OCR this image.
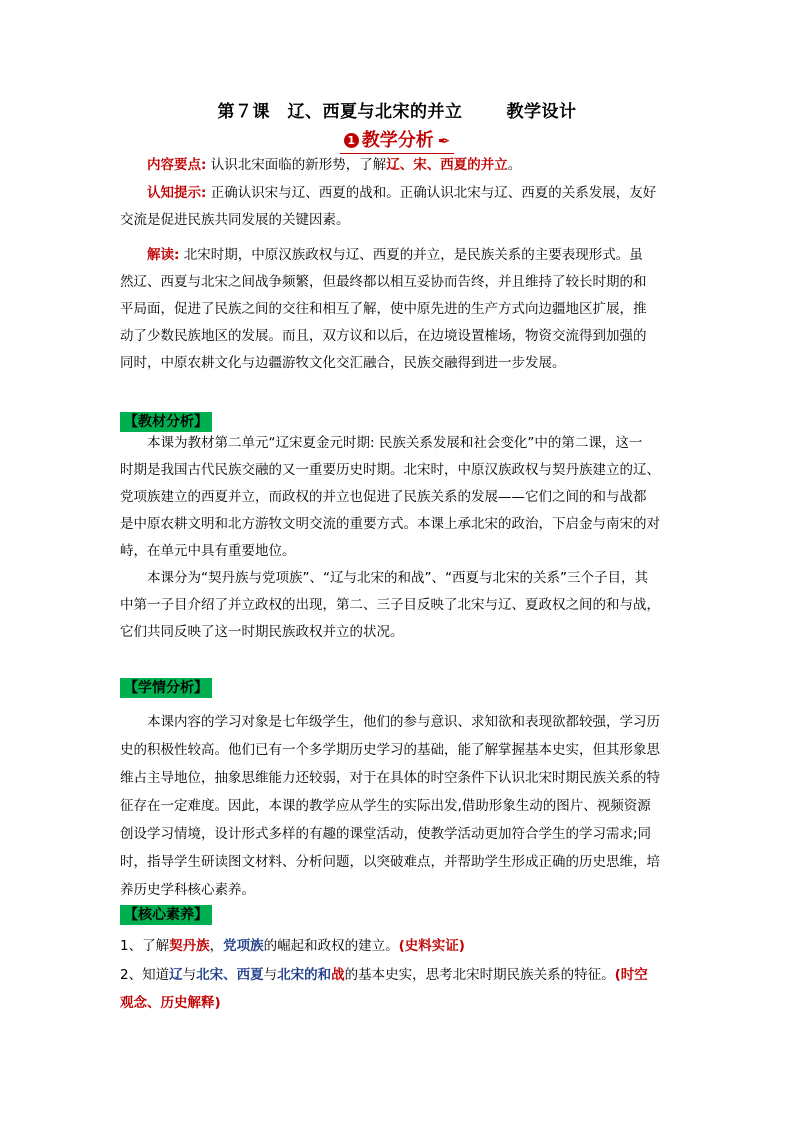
第７课　辽、西夏与北宋的并立	教学设计
1 教学分析 ✒
内容要点: 认识北宋面临的新形势，了解辽、宋、西夏的并立。
认知提示: 正确认识宋与辽、西夏的战和。正确认识北宋与辽、西夏的关系发展，友好
交流是促进民族共同发展的关键因素。
解读: 北宋时期，中原汉族政权与辽、西夏的并立，是民族关系的主要表现形式。虽
然辽、西夏与北宋之间战争频繁，但最终都以相互妥协而告终，并且维持了较长时期的和
平局面，促进了民族之间的交往和相互了解，使中原先进的生产方式向边疆地区扩展，推
动了少数民族地区的发展。而且，双方议和以后，在边境设置榷场，物资交流得到加强的
同时，中原农耕文化与边疆游牧文化交汇融合，民族交融得到进一步发展。
【教材分析】
本课为教材第二单元“辽宋夏金元时期: 民族关系发展和社会变化”中的第二课，这一
时期是我国古代民族交融的又一重要历史时期。北宋时，中原汉族政权与契丹族建立的辽、
党项族建立的西夏并立，而政权的并立也促进了民族关系的发展——它们之间的和与战都
是中原农耕文明和北方游牧文明交流的重要方式。本课上承北宋的政治，下启金与南宋的对
峙，在单元中具有重要地位。
本课分为“契丹族与党项族”、“辽与北宋的和战”、“西夏与北宋的关系”三个子目，其
中第一子目介绍了并立政权的出现，第二、三子目反映了北宋与辽、夏政权之间的和与战，
它们共同反映了这一时期民族政权并立的状况。
【学情分析】
本课内容的学习对象是七年级学生，他们的参与意识、求知欲和表现欲都较强，学习历
史的积极性较高。他们已有一个多学期历史学习的基础，能了解掌握基本史实，但其形象思
维占主导地位，抽象思维能力还较弱，对于在具体的时空条件下认识北宋时期民族关系的特
征存在一定难度。因此，本课的教学应从学生的实际出发,借助形象生动的图片、视频资源
创设学习情境，设计形式多样的有趣的课堂活动，使教学活动更加符合学生的学习需求;同
时，指导学生研读图文材料、分析问题，以突破难点，并帮助学生形成正确的历史思维，培
养历史学科核心素养。
【核心素养】
1、了解契丹族，党项族的崛起和政权的建立。(史料实证)
2、知道辽与北宋、西夏与北宋的和战的基本史实，思考北宋时期民族关系的特征。(时空
观念、历史解释)
